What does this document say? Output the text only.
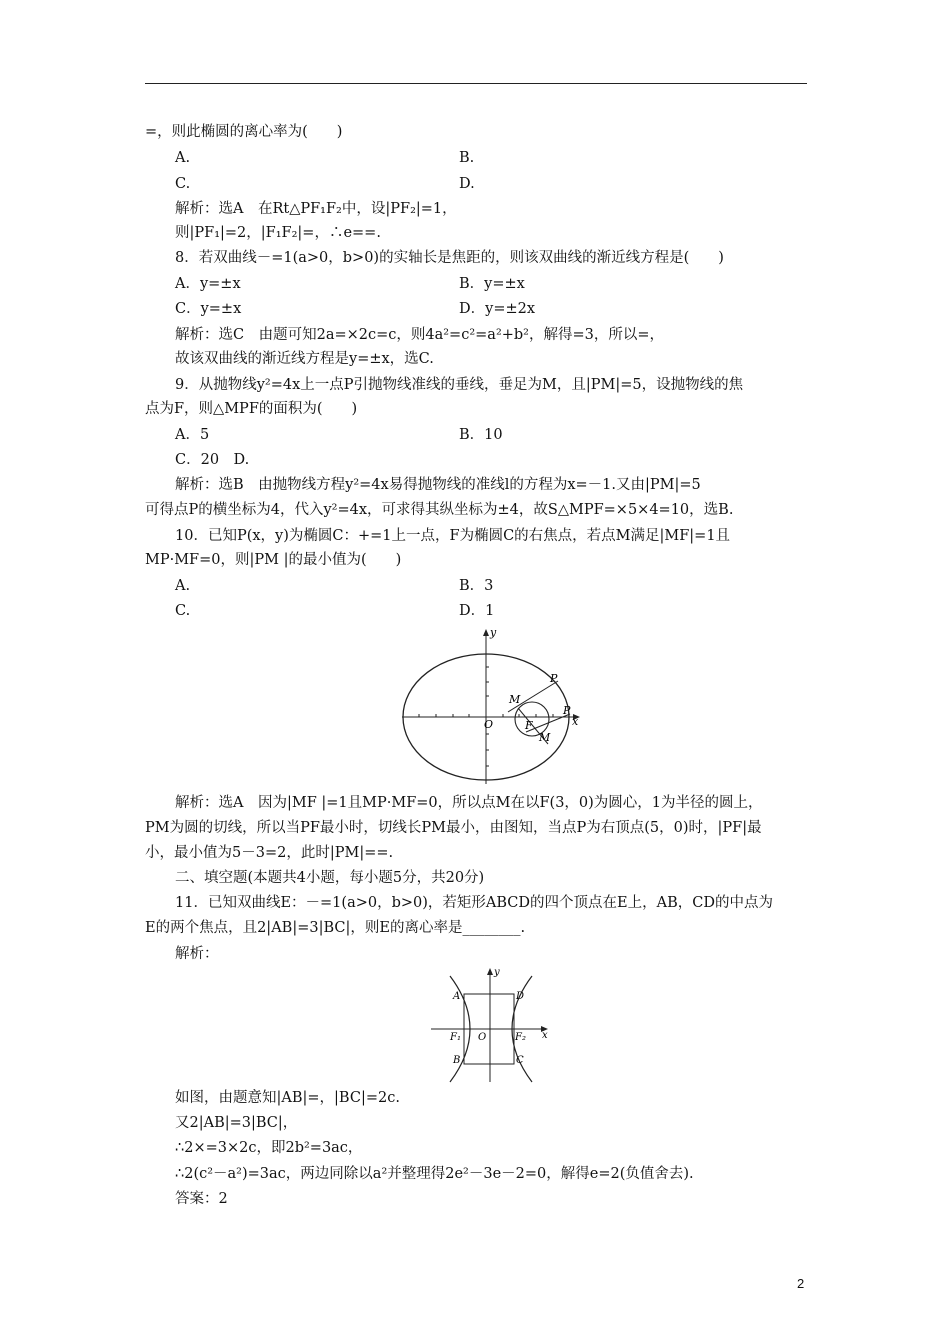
=，则此椭圆的离心率为(　　)
A.	B.
C.	D.
解析：选A　在Rt△PF₁F₂中，设|PF₂|=1，
则|PF₁|=2，|F₁F₂|=，∴e==.
8．若双曲线－=1(a>0，b>0)的实轴长是焦距的，则该双曲线的渐近线方程是(　　)
A．y=±x	B．y=±x
C．y=±x	D．y=±2x
解析：选C　由题可知2a=×2c=c，则4a²=c²=a²+b²，解得=3，所以=，
故该双曲线的渐近线方程是y=±x，选C.
9．从抛物线y²=4x上一点P引抛物线准线的垂线，垂足为M，且|PM|=5，设抛物线的焦
点为F，则△MPF的面积为(　　)
A．5	B．10
C．20　D.
解析：选B　由抛物线方程y²=4x易得抛物线的准线l的方程为x=－1.又由|PM|=5
可得点P的横坐标为4，代入y²=4x，可求得其纵坐标为±4，故S△MPF=×5×4=10，选B.
10．已知P(x，y)为椭圆C：+=1上一点，F为椭圆C的右焦点，若点M满足|MF|=1且
MP·MF=0，则|PM |的最小值为(　　)
A.	B．3
C.	D．1
y
x
O	F
M
M
P
P
解析：选A　因为|MF |=1且MP·MF=0，所以点M在以F(3，0)为圆心，1为半径的圆上，
PM为圆的切线，所以当PF最小时，切线长PM最小，由图知，当点P为右顶点(5，0)时，|PF|最
小，最小值为5－3=2，此时|PM|==.
二、填空题(本题共4小题，每小题5分，共20分)
11．已知双曲线E：－=1(a>0，b>0)，若矩形ABCD的四个顶点在E上，AB，CD的中点为
E的两个焦点，且2|AB|=3|BC|，则E的离心率是________.
解析：
y
x
A	D
B	C
O
F₁	F₂
如图，由题意知|AB|=，|BC|=2c.
又2|AB|=3|BC|，
∴2×=3×2c，即2b²=3ac，
∴2(c²－a²)=3ac，两边同除以a²并整理得2e²－3e－2=0，解得e=2(负值舍去).
答案：2
2
